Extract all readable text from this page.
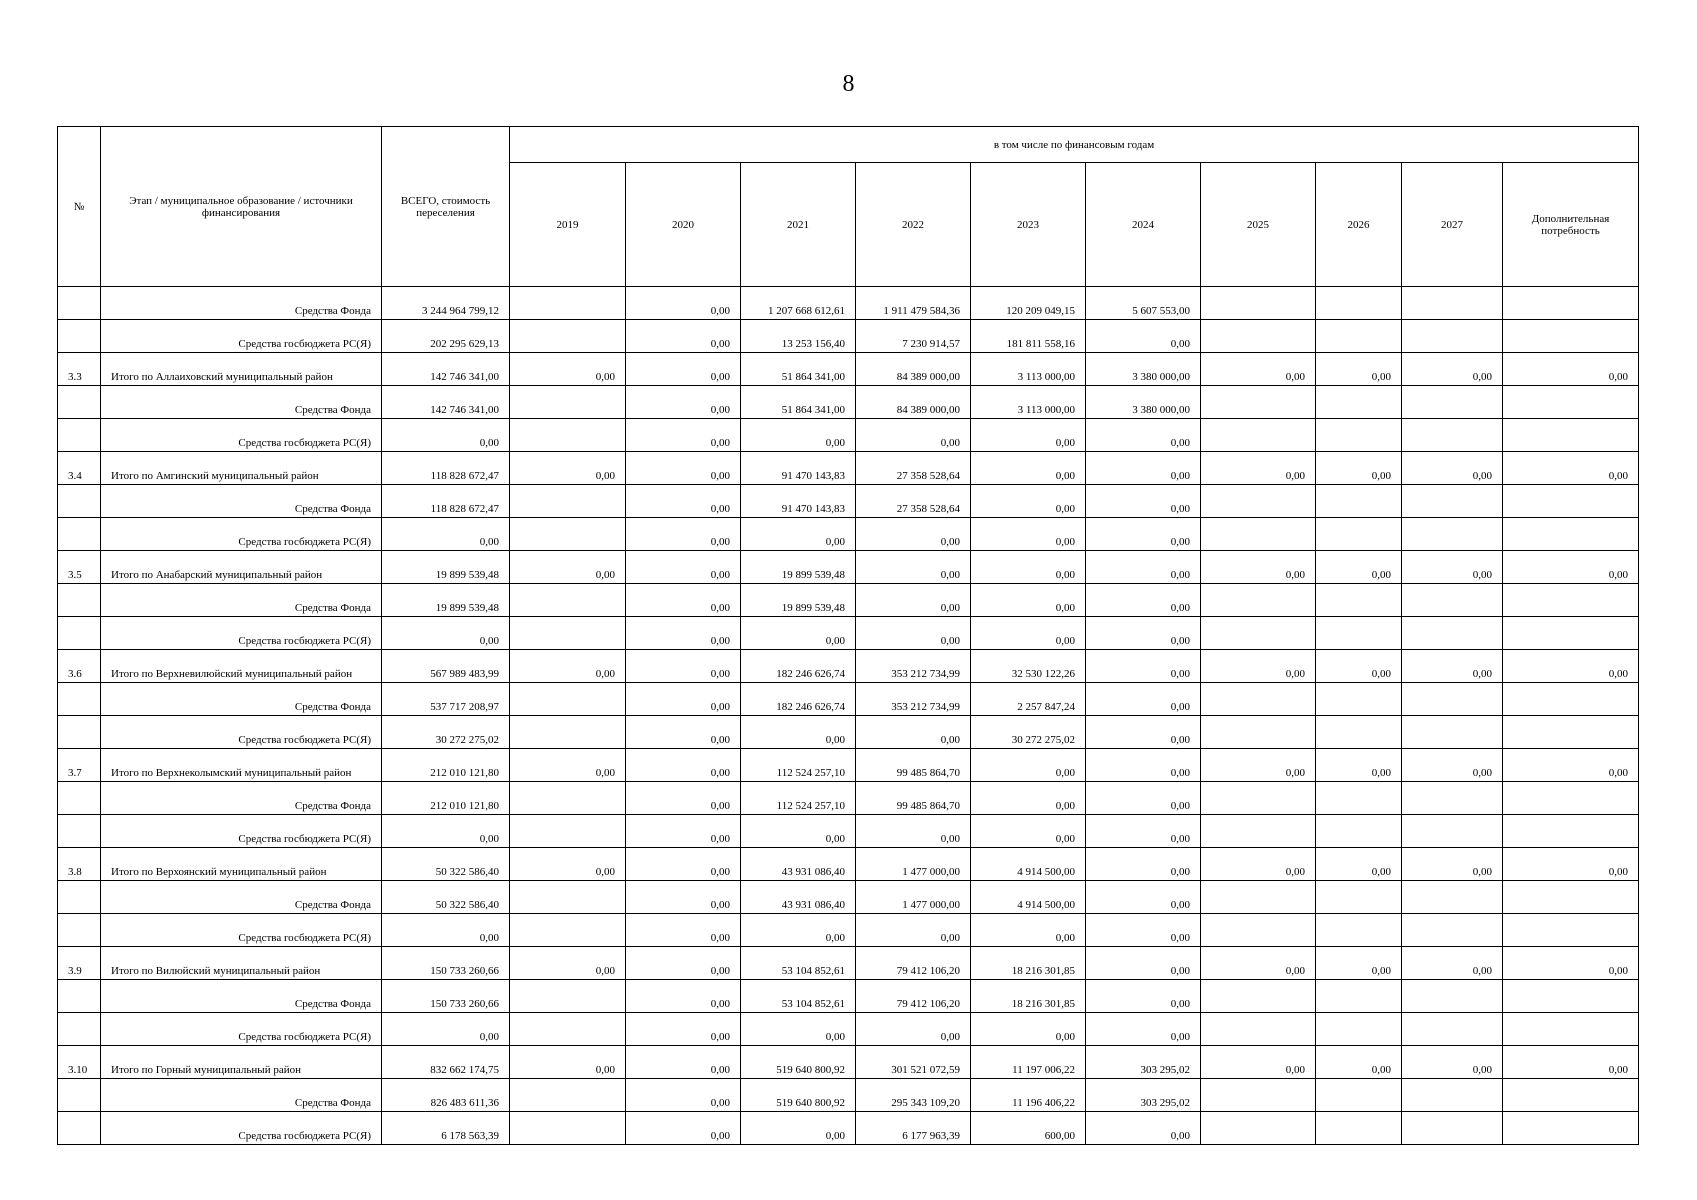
8
№	Этап / муниципальное образование / источники финансирования	ВСЕГО, стоимость переселения	в том числе по финансовым годам									
			2019	2020	2021	2022	2023	2024	2025	2026	2027	Дополнительная потребность
	Средства Фонда	3 244 964 799,12		0,00	1 207 668 612,61	1 911 479 584,36	120 209 049,15	5 607 553,00				
	Средства госбюджета РС(Я)	202 295 629,13		0,00	13 253 156,40	7 230 914,57	181 811 558,16	0,00				
3.3	Итого по Аллаиховский муниципальный район	142 746 341,00	0,00	0,00	51 864 341,00	84 389 000,00	3 113 000,00	3 380 000,00	0,00	0,00	0,00	0,00
	Средства Фонда	142 746 341,00		0,00	51 864 341,00	84 389 000,00	3 113 000,00	3 380 000,00				
	Средства госбюджета РС(Я)	0,00		0,00	0,00	0,00	0,00	0,00				
3.4	Итого по Амгинский муниципальный район	118 828 672,47	0,00	0,00	91 470 143,83	27 358 528,64	0,00	0,00	0,00	0,00	0,00	0,00
	Средства Фонда	118 828 672,47		0,00	91 470 143,83	27 358 528,64	0,00	0,00				
	Средства госбюджета РС(Я)	0,00		0,00	0,00	0,00	0,00	0,00				
3.5	Итого по Анабарский муниципальный район	19 899 539,48	0,00	0,00	19 899 539,48	0,00	0,00	0,00	0,00	0,00	0,00	0,00
	Средства Фонда	19 899 539,48		0,00	19 899 539,48	0,00	0,00	0,00				
	Средства госбюджета РС(Я)	0,00		0,00	0,00	0,00	0,00	0,00				
3.6	Итого по Верхневилюйский муниципальный район	567 989 483,99	0,00	0,00	182 246 626,74	353 212 734,99	32 530 122,26	0,00	0,00	0,00	0,00	0,00
	Средства Фонда	537 717 208,97		0,00	182 246 626,74	353 212 734,99	2 257 847,24	0,00				
	Средства госбюджета РС(Я)	30 272 275,02		0,00	0,00	0,00	30 272 275,02	0,00				
3.7	Итого по Верхнеколымский муниципальный район	212 010 121,80	0,00	0,00	112 524 257,10	99 485 864,70	0,00	0,00	0,00	0,00	0,00	0,00
	Средства Фонда	212 010 121,80		0,00	112 524 257,10	99 485 864,70	0,00	0,00				
	Средства госбюджета РС(Я)	0,00		0,00	0,00	0,00	0,00	0,00				
3.8	Итого по Верхоянский муниципальный район	50 322 586,40	0,00	0,00	43 931 086,40	1 477 000,00	4 914 500,00	0,00	0,00	0,00	0,00	0,00
	Средства Фонда	50 322 586,40		0,00	43 931 086,40	1 477 000,00	4 914 500,00	0,00				
	Средства госбюджета РС(Я)	0,00		0,00	0,00	0,00	0,00	0,00				
3.9	Итого по Вилюйский муниципальный район	150 733 260,66	0,00	0,00	53 104 852,61	79 412 106,20	18 216 301,85	0,00	0,00	0,00	0,00	0,00
	Средства Фонда	150 733 260,66		0,00	53 104 852,61	79 412 106,20	18 216 301,85	0,00				
	Средства госбюджета РС(Я)	0,00		0,00	0,00	0,00	0,00	0,00				
3.10	Итого по Горный муниципальный район	832 662 174,75	0,00	0,00	519 640 800,92	301 521 072,59	11 197 006,22	303 295,02	0,00	0,00	0,00	0,00
	Средства Фонда	826 483 611,36		0,00	519 640 800,92	295 343 109,20	11 196 406,22	303 295,02				
	Средства госбюджета РС(Я)	6 178 563,39		0,00	0,00	6 177 963,39	600,00	0,00				
